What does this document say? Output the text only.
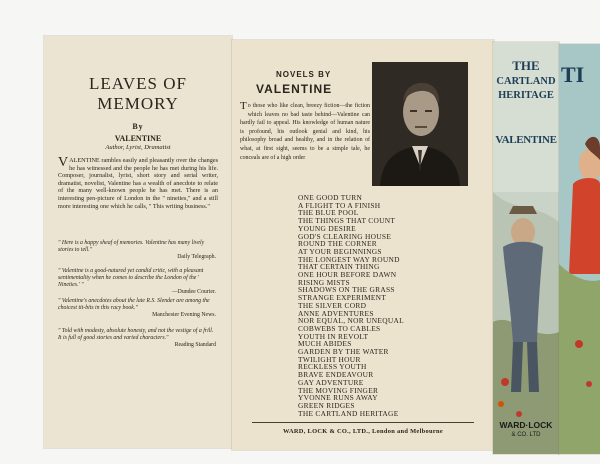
LEAVES OF
MEMORY
By
VALENTINE
Author, Lyrist, Dramatist
VALENTINE rambles easily and pleasantly over the changes he has witnessed and the people he has met during his life. Composer, journalist, lyrist, short story and serial writer, dramatist, novelist, Valentine has a wealth of anecdote to relate of the many well-known people he has met. There is an interesting pen-picture of London in the " nineties," and a still more interesting one which he calls, " This writing business."
" Here is a happy sheaf of memories. Valentine has many lively stories to tell."
Daily Telegraph.
" Valentine is a good-natured yet candid critic, with a pleasant sentimentality when he comes to describe the London of the ' Nineties.' "
—Dundee Courier.
" Valentine's anecdotes about the late R.S. Slender are among the choicest tit-bits in this racy book."
Manchester Evening News.
" Told with modesty, absolute honesty, and not the vestige of a frill. It is full of good stories and varied characters."
Reading Standard
NOVELS BY
VALENTINE
To those who like clean, breezy fiction—the fiction which leaves no bad taste behind—Valentine can hardly fail to appeal. His knowledge of human nature is profound, his outlook genial and kind, his philosophy broad and healthy, and in the relation of what, at first sight, seems to be a simple tale, he conceals are of a high order
ONE GOOD TURN
A FLIGHT TO A FINISH
THE BLUE POOL
THE THINGS THAT COUNT
YOUNG DESIRE
GOD'S CLEARING HOUSE
ROUND THE CORNER
AT YOUR BEGINNINGS
THE LONGEST WAY ROUND
THAT CERTAIN THING
ONE HOUR BEFORE DAWN
RISING MISTS
SHADOWS ON THE GRASS
STRANGE EXPERIMENT
THE SILVER CORD
ANNE ADVENTURES
NOR EQUAL, NOR UNEQUAL
COBWEBS TO CABLES
YOUTH IN REVOLT
MUCH ABIDES
GARDEN BY THE WATER
TWILIGHT HOUR
RECKLESS YOUTH
BRAVE ENDEAVOUR
GAY ADVENTURE
THE MOVING FINGER
YVONNE RUNS AWAY
GREEN RIDGES
THE CARTLAND HERITAGE
WARD, LOCK & CO., LTD., London and Melbourne
THE
CARTLAND
HERITAGE
VALENTINE
WARD·LOCK
& CO. LTD
TI
